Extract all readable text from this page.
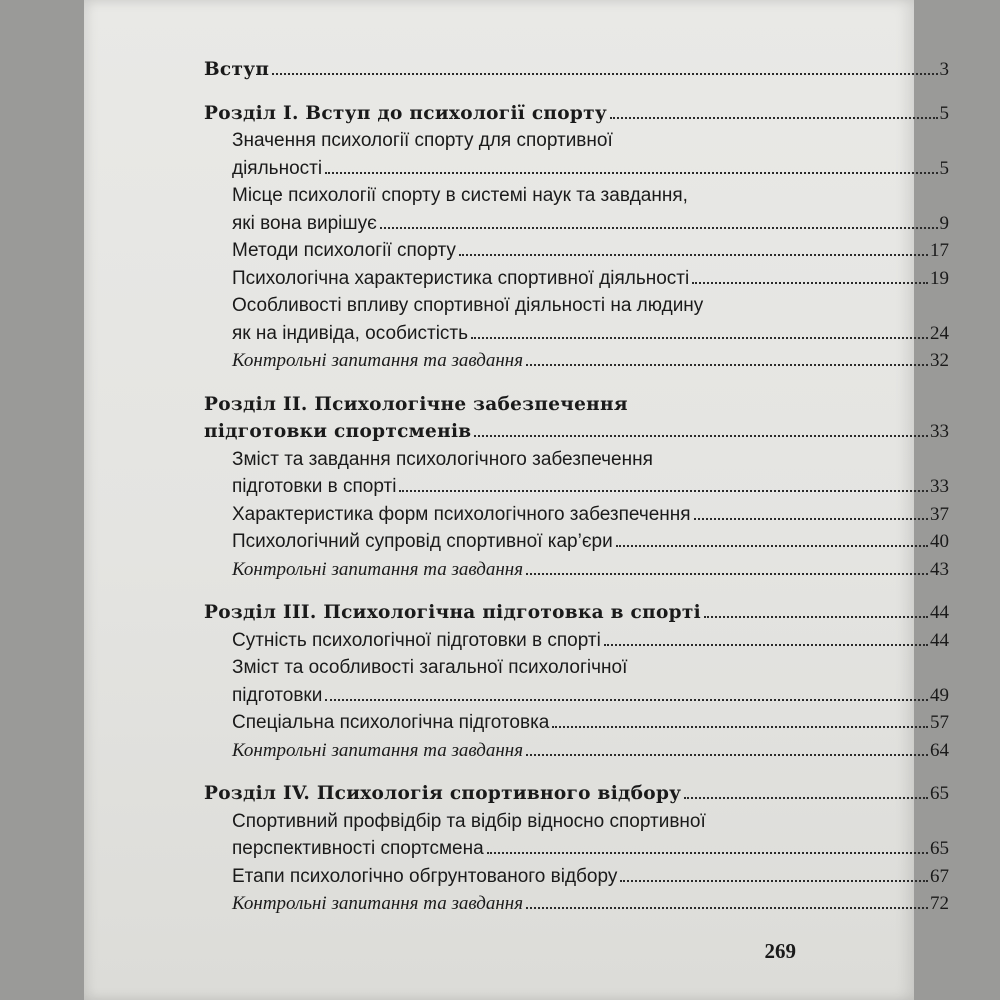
Вступ	3
Розділ І. Вступ до психології спорту	5
Значення психології спорту для спортивної
діяльності	5
Місце психології спорту в системі наук та завдання,
які вона вирішує	9
Методи психології спорту	17
Психологічна характеристика спортивної діяльності	19
Особливості впливу спортивної діяльності на людину
як на індивіда, особистість	24
Контрольні запитання та завдання	32
Розділ ІІ. Психологічне забезпечення
підготовки спортсменів	33
Зміст та завдання психологічного забезпечення
підготовки в спорті	33
Характеристика форм психологічного забезпечення	37
Психологічний супровід спортивної кар’єри	40
Контрольні запитання та завдання	43
Розділ ІІІ. Психологічна підготовка в спорті	44
Сутність психологічної підготовки в спорті	44
Зміст та особливості загальної психологічної
підготовки	49
Спеціальна психологічна підготовка	57
Контрольні запитання та завдання	64
Розділ ІV. Психологія спортивного відбору	65
Спортивний профвідбір та відбір відносно спортивної
перспективності спортсмена	65
Етапи психологічно обгрунтованого відбору	67
Контрольні запитання та завдання	72
269
